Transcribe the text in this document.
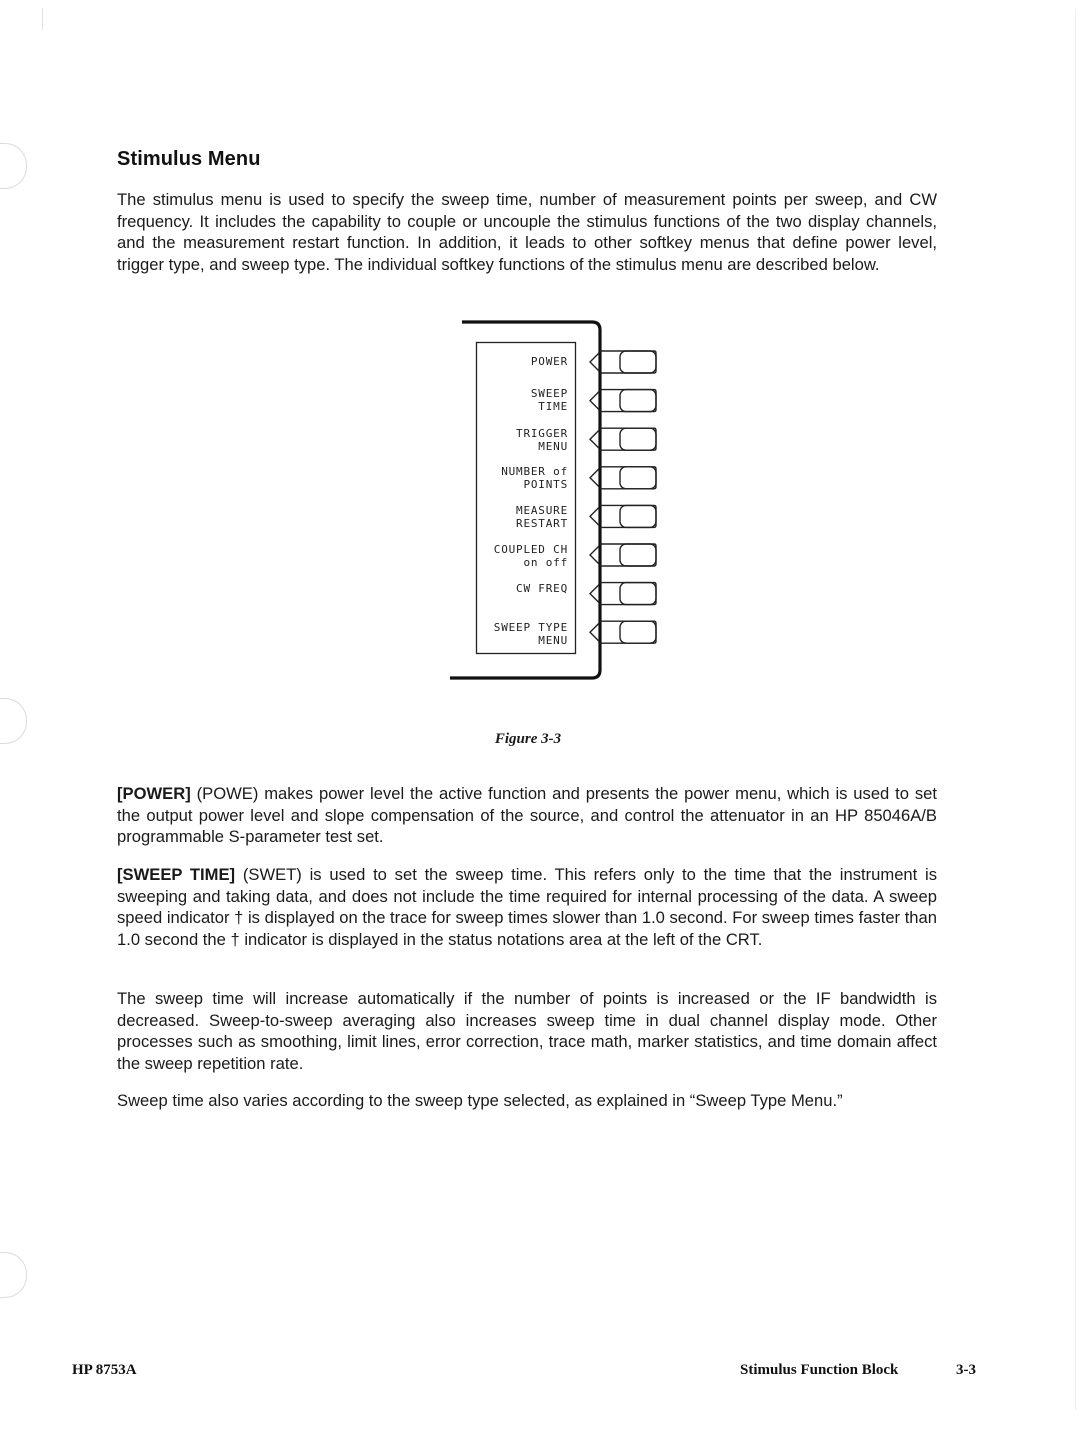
Stimulus Menu

The stimulus menu is used to specify the sweep time, number of measurement points per sweep, and CW frequency. It includes the capability to couple or uncouple the stimulus functions of the two display channels, and the measurement restart function. In addition, it leads to other softkey menus that define power level, trigger type, and sweep type. The individual softkey functions of the stimulus menu are described below.

POWER
SWEEP
TIME
TRIGGER
MENU
NUMBER of
POINTS
MEASURE
RESTART
COUPLED CH
on off
CW FREQ
SWEEP TYPE
MENU
Figure 3-3

[POWER] (POWE) makes power level the active function and presents the power menu, which is used to set the output power level and slope compensation of the source, and control the attenuator in an HP 85046A/B programmable S-parameter test set.

[SWEEP TIME] (SWET) is used to set the sweep time. This refers only to the time that the instrument is sweeping and taking data, and does not include the time required for internal processing of the data. A sweep speed indicator † is displayed on the trace for sweep times slower than 1.0 second. For sweep times faster than 1.0 second the † indicator is displayed in the status notations area at the left of the CRT.

The sweep time will increase automatically if the number of points is increased or the IF bandwidth is decreased. Sweep-to-sweep averaging also increases sweep time in dual channel display mode. Other processes such as smoothing, limit lines, error correction, trace math, marker statistics, and time domain affect the sweep repetition rate.

Sweep time also varies according to the sweep type selected, as explained in “Sweep Type Menu.”

HP 8753A	Stimulus Function Block	3-3
